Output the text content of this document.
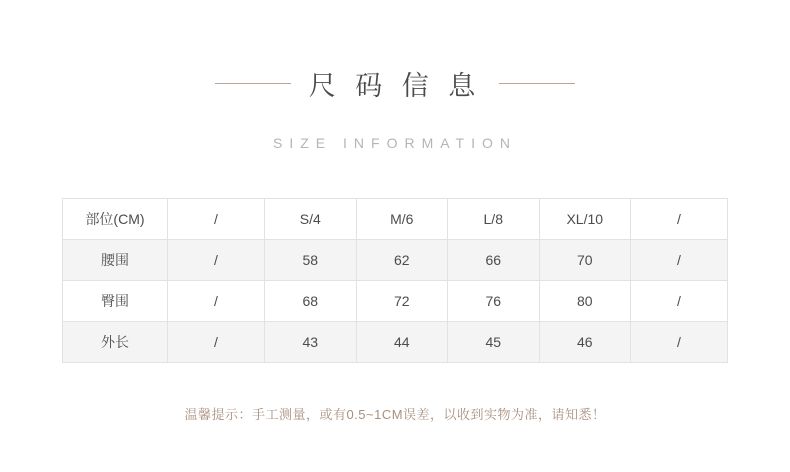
尺 码 信 息
SIZE INFORMATION
部位(CM)	/	S/4	M/6	L/8	XL/10	/
腰围	/	58	62	66	70	/
臀围	/	68	72	76	80	/
外长	/	43	44	45	46	/
温馨提示：手工测量，或有0.5~1CM误差，以收到实物为准，请知悉！
